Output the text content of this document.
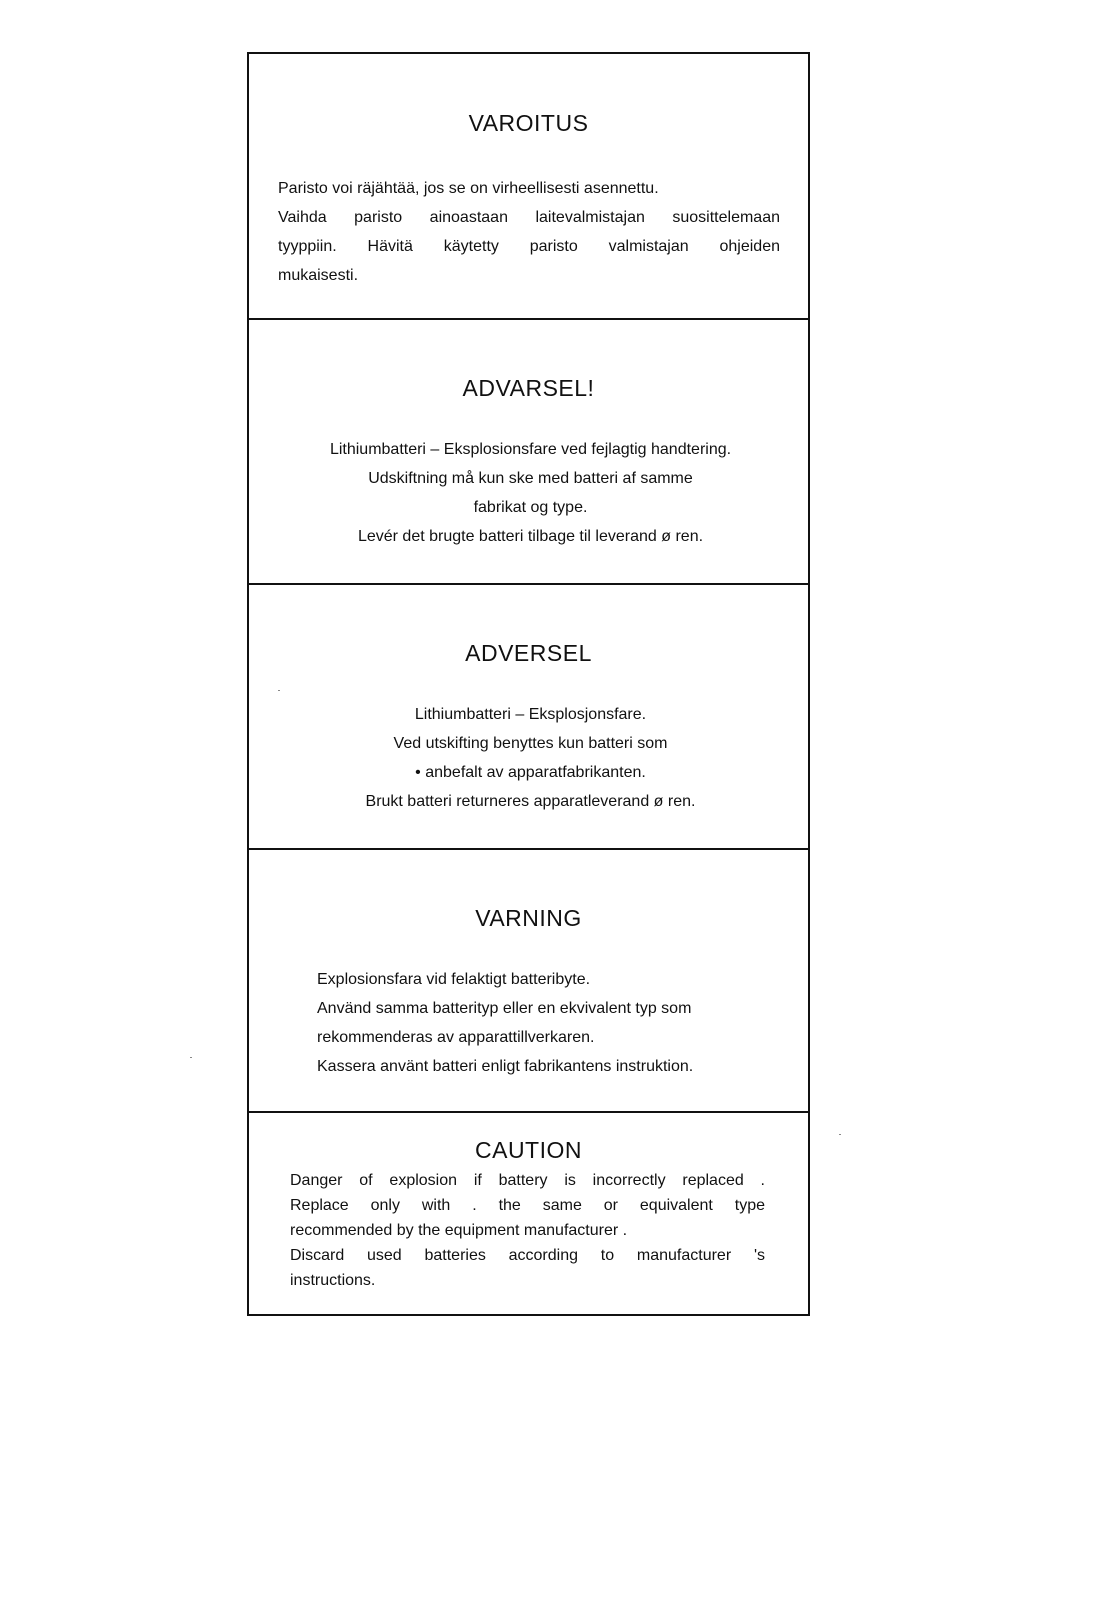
VAROITUS
Paristo voi räjähtää, jos se on virheellisesti asennettu.
Vaihda paristo ainoastaan laitevalmistajan suosittelemaan
tyyppiin. Hävitä käytetty paristo valmistajan ohjeiden
mukaisesti.
ADVARSEL!
Lithiumbatteri – Eksplosionsfare ved fejlagtig handtering.
Udskiftning må kun ske med batteri af samme
fabrikat og type.
Levér det brugte batteri tilbage til leverand ø ren.
ADVERSEL
Lithiumbatteri – Eksplosjonsfare.
Ved utskifting benyttes kun batteri som
• anbefalt av apparatfabrikanten.
Brukt batteri returneres apparatleverand ø ren.
VARNING
Explosionsfara vid felaktigt batteribyte.
Använd samma batterityp eller en ekvivalent typ som
rekommenderas av apparattillverkaren.
Kassera använt batteri enligt fabrikantens instruktion.
CAUTION
Danger of explosion if battery is incorrectly replaced .
Replace only with . the same or equivalent type
recommended by the equipment manufacturer .
Discard used batteries according to manufacturer 's
instructions.
